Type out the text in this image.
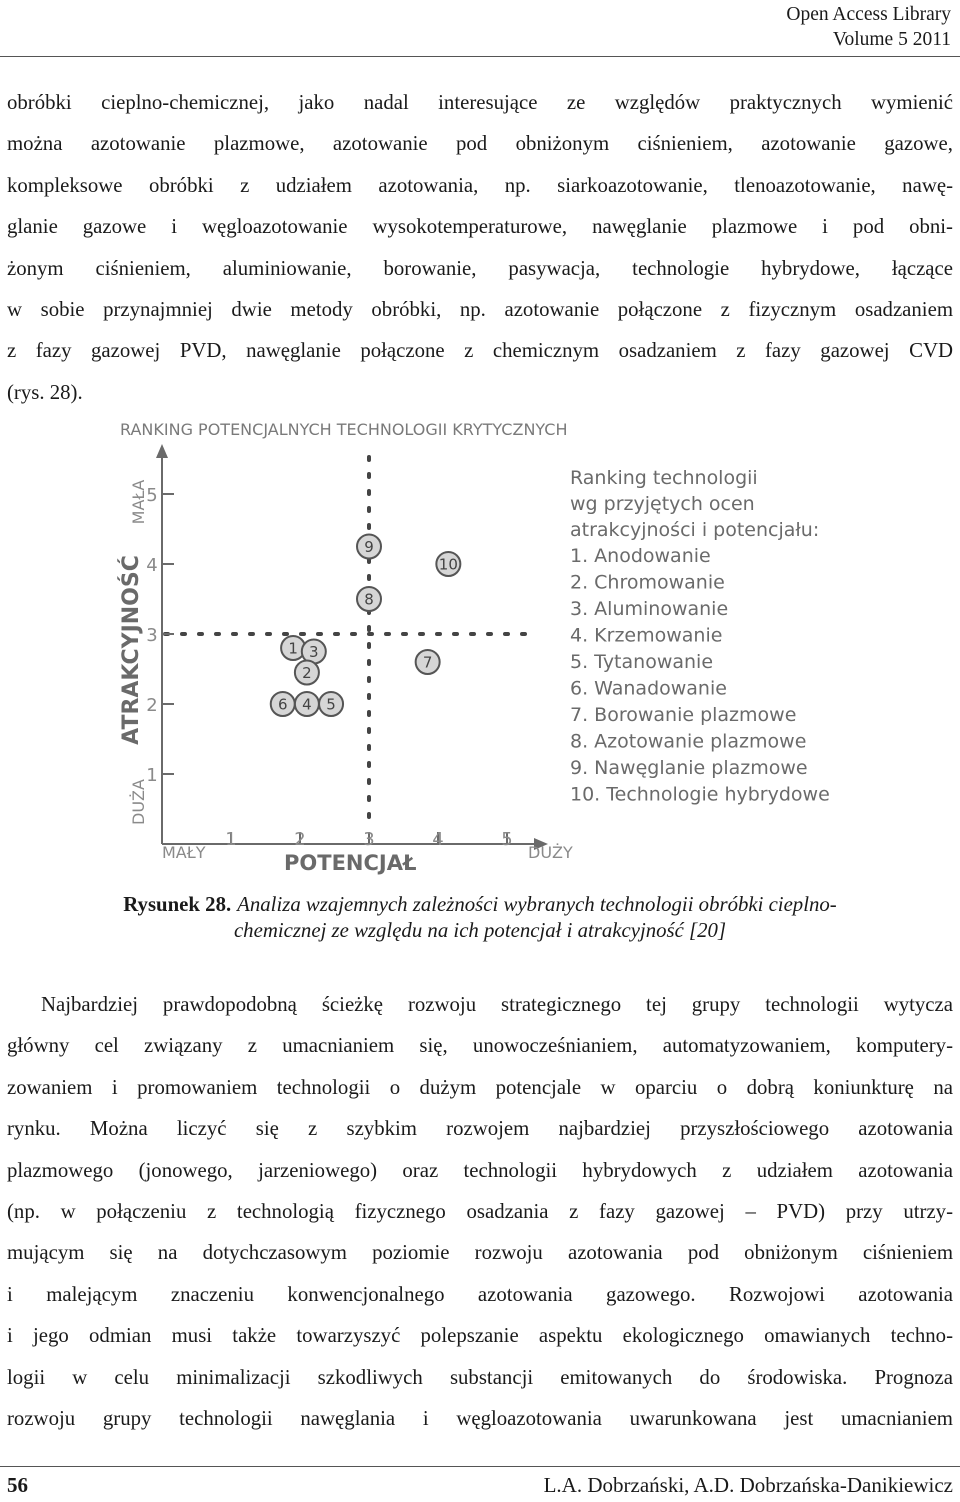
Open Access Library
Volume 5 2011
obróbki cieplno-chemicznej, jako nadal interesujące ze względów praktycznych wymienić
można azotowanie plazmowe, azotowanie pod obniżonym ciśnieniem, azotowanie gazowe,
kompleksowe obróbki z udziałem azotowania, np. siarkoazotowanie, tlenoazotowanie, nawę-
glanie gazowe i węgloazotowanie wysokotemperaturowe, nawęglanie plazmowe i pod obni-
żonym ciśnieniem, aluminiowanie, borowanie, pasywacja, technologie hybrydowe, łączące
w sobie przynajmniej dwie metody obróbki, np. azotowanie połączone z fizycznym osadzaniem
z fazy gazowej PVD, nawęglanie połączone z chemicznym osadzaniem z fazy gazowej CVD
(rys. 28).
RANKING POTENCJALNYCH TECHNOLOGII KRYTYCZNYCH
1
2
3
4
5
1	2	3	4	5
MAŁA
DUŻA
ATRAKCYJNOŚĆ
MAŁY	DUŻY
POTENCJAŁ
1 3
2
6 4 5
7
8
9
10
Ranking technologii
wg przyjętych ocen
atrakcyjności i potencjału:
1. Anodowanie
2. Chromowanie
3. Aluminowanie
4. Krzemowanie
5. Tytanowanie
6. Wanadowanie
7. Borowanie plazmowe
8. Azotowanie plazmowe
9. Nawęglanie plazmowe
10. Technologie hybrydowe
Rysunek 28. Analiza wzajemnych zależności wybranych technologii obróbki cieplno-
chemicznej ze względu na ich potencjał i atrakcyjność [20]
Najbardziej prawdopodobną ścieżkę rozwoju strategicznego tej grupy technologii wytycza
główny cel związany z umacnianiem się, unowocześnianiem, automatyzowaniem, komputery-
zowaniem i promowaniem technologii o dużym potencjale w oparciu o dobrą koniunkturę na
rynku. Można liczyć się z szybkim rozwojem najbardziej przyszłościowego azotowania
plazmowego (jonowego, jarzeniowego) oraz technologii hybrydowych z udziałem azotowania
(np. w połączeniu z technologią fizycznego osadzania z fazy gazowej – PVD) przy utrzy-
mującym się na dotychczasowym poziomie rozwoju azotowania pod obniżonym ciśnieniem
i malejącym znaczeniu konwencjonalnego azotowania gazowego. Rozwojowi azotowania
i jego odmian musi także towarzyszyć polepszanie aspektu ekologicznego omawianych techno-
logii w celu minimalizacji szkodliwych substancji emitowanych do środowiska. Prognoza
rozwoju grupy technologii nawęglania i węgloazotowania uwarunkowana jest umacnianiem
56	L.A. Dobrzański, A.D. Dobrzańska-Danikiewicz
